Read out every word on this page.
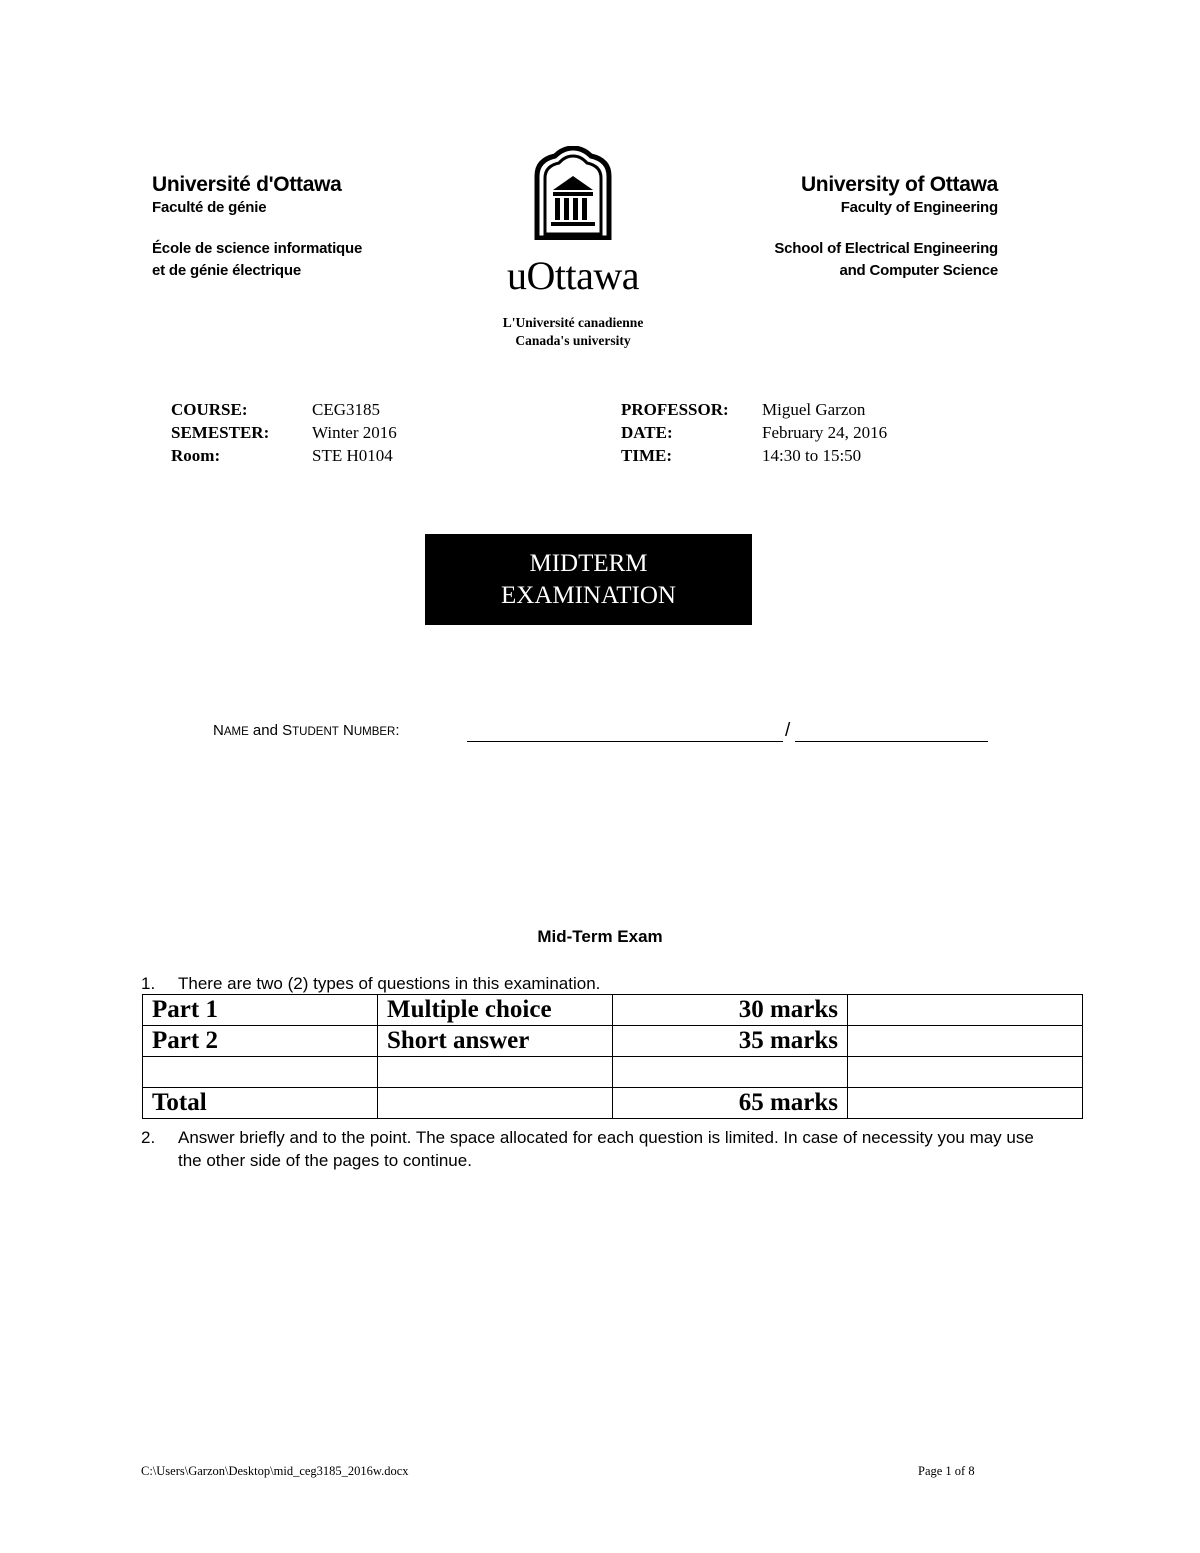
Université d'Ottawa
Faculté de génie
École de science informatique
et de génie électrique	uOttawa
L'Université canadienne
Canada's university
University of Ottawa
Faculty of Engineering
School of Electrical Engineering
and Computer Science
COURSE:	CEG3185
SEMESTER:	Winter 2016
Room:	STE H0104
PROFESSOR: Miguel Garzon
DATE:	February 24, 2016
TIME:	14:30 to 15:50
MIDTERM
EXAMINATION
NAME and STUDENT NUMBER:	/
Mid-Term Exam
1. There are two (2) types of questions in this examination.
Part 1	Multiple choice	30 marks	
Part 2	Short answer	35 marks	

Total		65 marks	
2. Answer briefly and to the point. The space allocated for each question is limited. In case of necessity you may use the other side of the pages to continue.
C:\Users\Garzon\Desktop\mid_ceg3185_2016w.docx	Page 1 of 8
